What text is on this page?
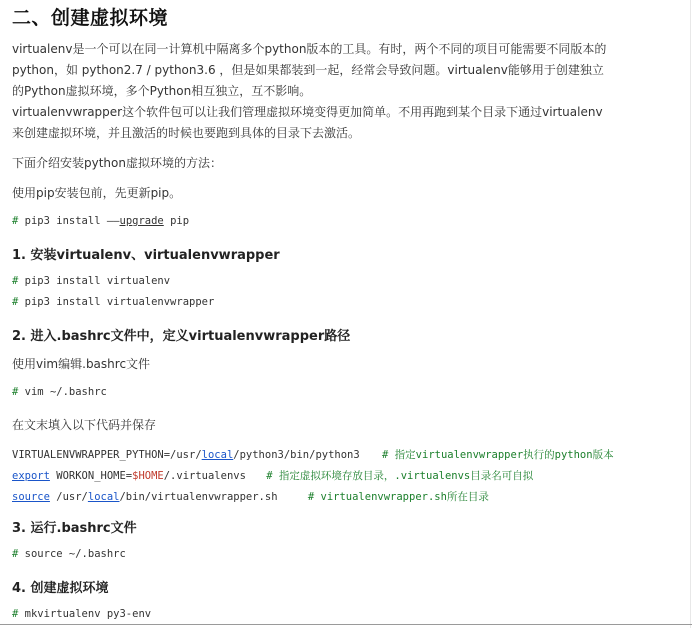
二、创建虚拟环境
virtualenv是一个可以在同一计算机中隔离多个python版本的工具。有时，两个不同的项目可能需要不同版本的
python，如 python2.7 / python3.6 ，但是如果都装到一起，经常会导致问题。virtualenv能够用于创建独立
的Python虚拟环境，多个Python相互独立，互不影响。
virtualenvwrapper这个软件包可以让我们管理虚拟环境变得更加简单。不用再跑到某个目录下通过virtualenv
来创建虚拟环境，并且激活的时候也要跑到具体的目录下去激活。
下面介绍安装python虚拟环境的方法：
使用pip安装包前，先更新pip。
# pip3 install ——upgrade pip
1. 安装virtualenv、virtualenvwrapper
# pip3 install virtualenv
# pip3 install virtualenvwrapper
2. 进入.bashrc文件中，定义virtualenvwrapper路径
使用vim编辑.bashrc文件
# vim ~/.bashrc
在文末填入以下代码并保存
VIRTUALENVWRAPPER_PYTHON=/usr/local/python3/bin/python3 # 指定virtualenvwrapper执行的python版本
export WORKON_HOME=$HOME/.virtualenvs # 指定虚拟环境存放目录，.virtualenvs目录名可自拟
source /usr/local/bin/virtualenvwrapper.sh	# virtualenvwrapper.sh所在目录
3. 运行.bashrc文件
# source ~/.bashrc
4. 创建虚拟环境
# mkvirtualenv py3-env
